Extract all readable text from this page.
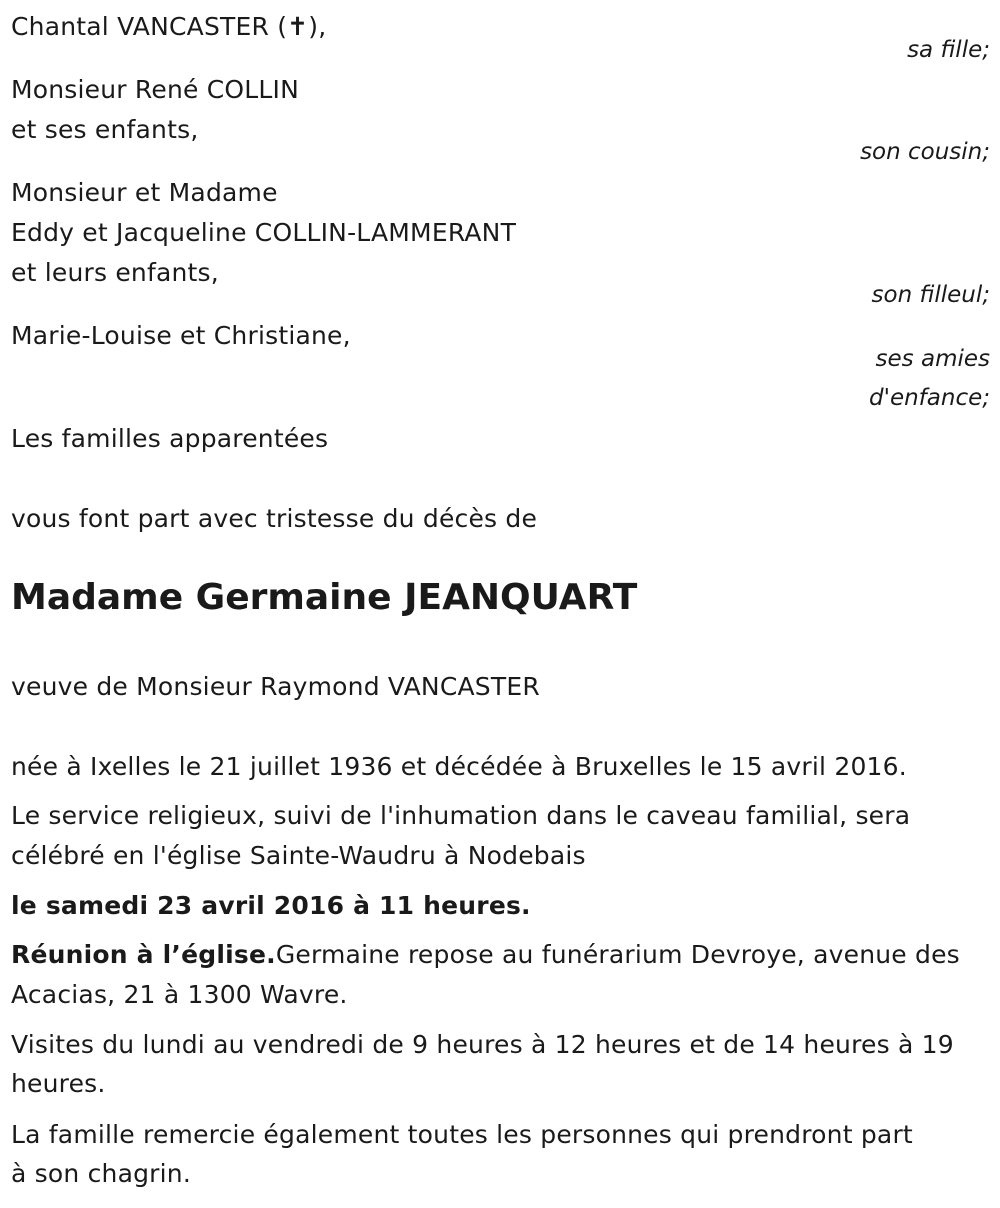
Chantal VANCASTER (✝),
sa fille;
Monsieur René COLLIN
et ses enfants,
son cousin;
Monsieur et Madame
Eddy et Jacqueline COLLIN-LAMMERANT
et leurs enfants,
son filleul;
Marie-Louise et Christiane,
ses amies
d'enfance;
Les familles apparentées
vous font part avec tristesse du décès de
Madame Germaine JEANQUART
veuve de Monsieur Raymond VANCASTER
née à Ixelles le 21 juillet 1936 et décédée à Bruxelles le 15 avril 2016.
Le service religieux, suivi de l'inhumation dans le caveau familial, sera
célébré en l'église Sainte-Waudru à Nodebais
le samedi 23 avril 2016 à 11 heures.
Réunion à l’église.Germaine repose au funérarium Devroye, avenue des
Acacias, 21 à 1300 Wavre.
Visites du lundi au vendredi de 9 heures à 12 heures et de 14 heures à 19
heures.
La famille remercie également toutes les personnes qui prendront part
à son chagrin.
